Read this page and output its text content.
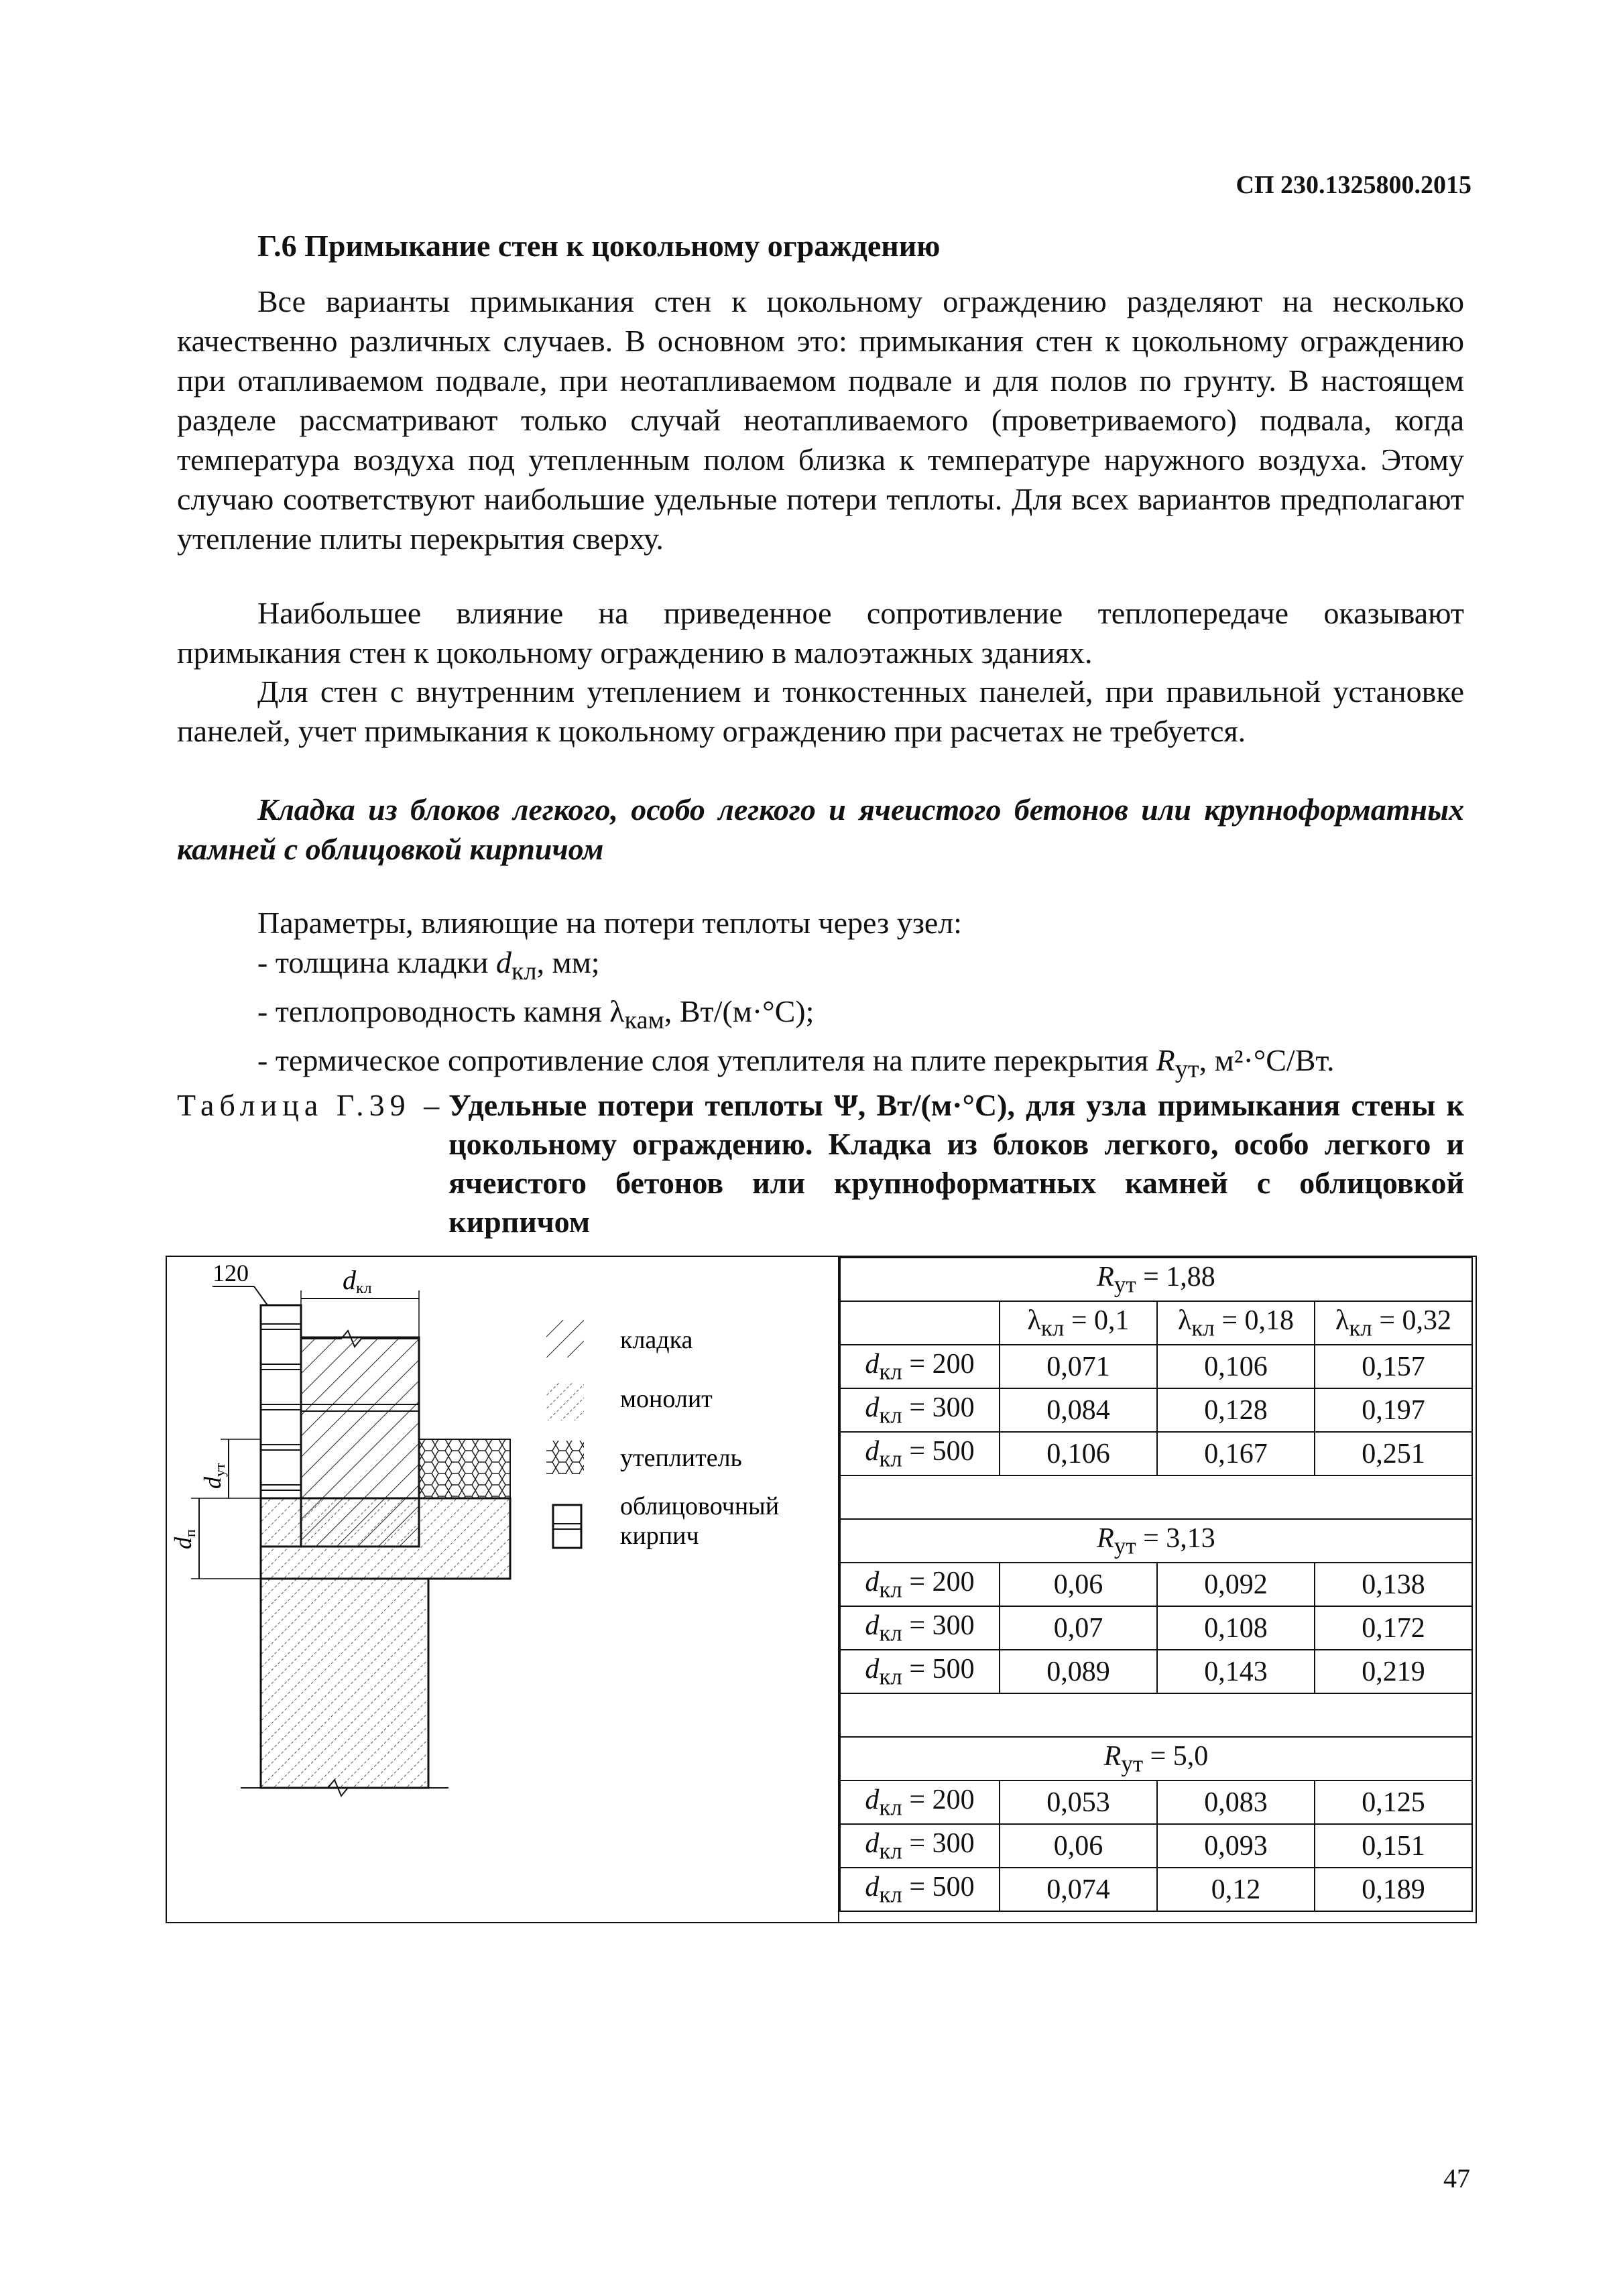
СП 230.1325800.2015
Г.6 Примыкание стен к цокольному ограждению

Все варианты примыкания стен к цокольному ограждению разделяют на несколько качественно различных случаев. В основном это: примыкания стен к цокольному ограждению при отапливаемом подвале, при неотапливаемом подвале и для полов по грунту. В настоящем разделе рассматривают только случай неотапливаемого (проветриваемого) подвала, когда температура воздуха под утепленным полом близка к температуре наружного воздуха. Этому случаю соответствуют наибольшие удельные потери теплоты. Для всех вариантов предполагают утепление плиты перекрытия сверху.

Наибольшее влияние на приведенное сопротивление теплопередаче оказывают примыкания стен к цокольному ограждению в малоэтажных зданиях.

Для стен с внутренним утеплением и тонкостенных панелей, при правильной установке панелей, учет примыкания к цокольному ограждению при расчетах не требуется.

Кладка из блоков легкого, особо легкого и ячеистого бетонов или крупноформатных камней с облицовкой кирпичом

Параметры, влияющие на потери теплоты через узел:

- толщина кладки $d_{кл}$, мм;

- теплопроводность камня $\lambda_{кам}$, Вт/(м·°С);

- термическое сопротивление слоя утеплителя на плите перекрытия $R_{ут}$, м²·°С/Вт.

Таблица Г.39 – Удельные потери теплоты Ψ, Вт/(м·°С), для узла примыкания стены к цокольному ограждению. Кладка из блоков легкого, особо легкого и ячеистого бетонов или крупноформатных камней с облицовкой кирпичом
120	dкл
dут
dп
кладка
монолит
утеплитель
облицовочный
кирпич
$R_{ут} = 1,88$			
	$\lambda_{кл} = 0,1$	$\lambda_{кл} = 0,18$	$\lambda_{кл} = 0,32$
$d_{кл} = 200$	0,071	0,106	0,157
$d_{кл} = 300$	0,084	0,128	0,197
$d_{кл} = 500$	0,106	0,167	0,251

$R_{ут} = 3,13$			
$d_{кл} = 200$	0,06	0,092	0,138
$d_{кл} = 300$	0,07	0,108	0,172
$d_{кл} = 500$	0,089	0,143	0,219

$R_{ут} = 5,0$			
$d_{кл} = 200$	0,053	0,083	0,125
$d_{кл} = 300$	0,06	0,093	0,151
$d_{кл} = 500$	0,074	0,12	0,189
47
